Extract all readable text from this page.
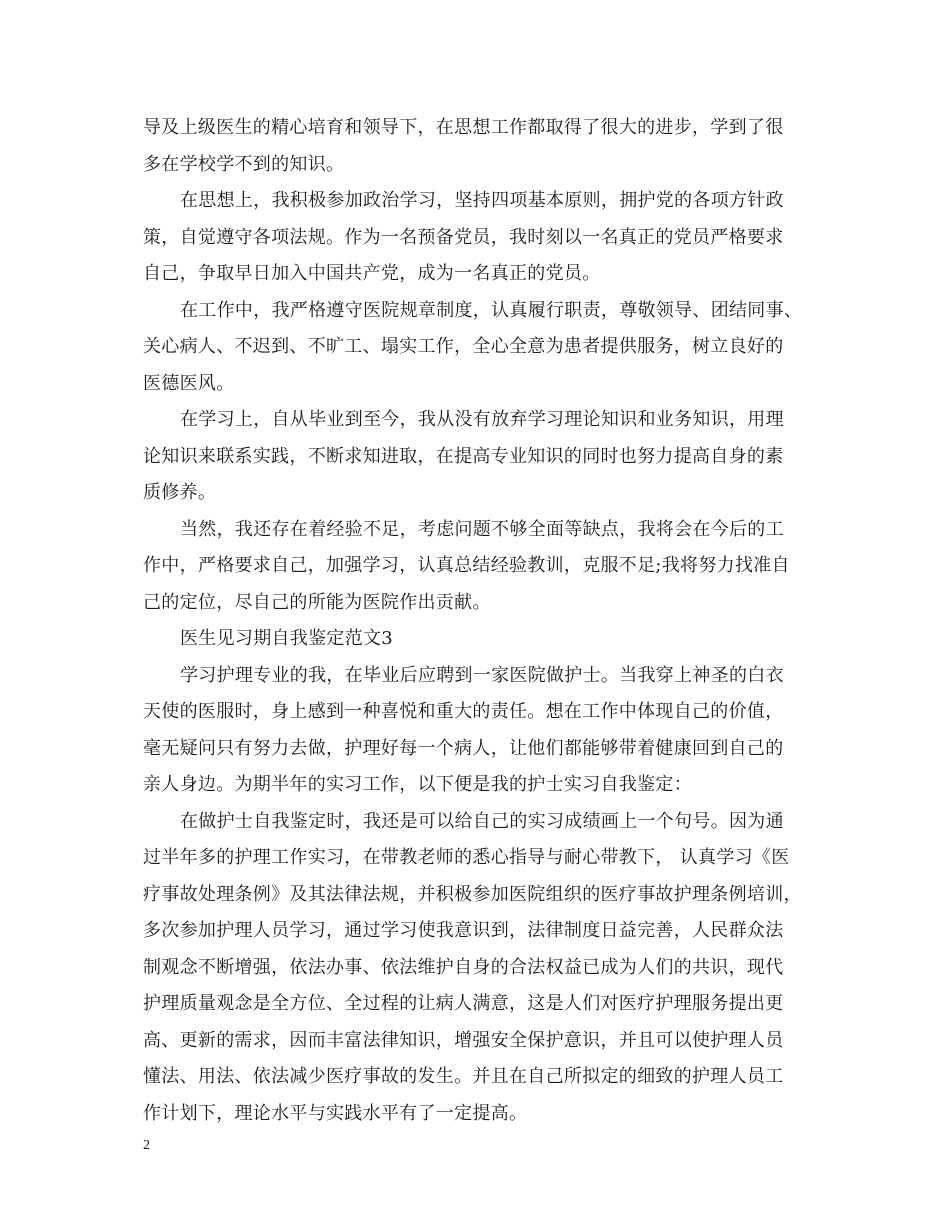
导及上级医生的精心培育和领导下，在思想工作都取得了很大的进步，学到了很
多在学校学不到的知识。
在思想上，我积极参加政治学习，坚持四项基本原则，拥护党的各项方针政
策，自觉遵守各项法规。作为一名预备党员，我时刻以一名真正的党员严格要求
自己，争取早日加入中国共产党，成为一名真正的党员。
在工作中，我严格遵守医院规章制度，认真履行职责，尊敬领导、团结同事、
关心病人、不迟到、不旷工、塌实工作，全心全意为患者提供服务，树立良好的
医德医风。
在学习上，自从毕业到至今，我从没有放弃学习理论知识和业务知识，用理
论知识来联系实践，不断求知进取，在提高专业知识的同时也努力提高自身的素
质修养。
当然，我还存在着经验不足，考虑问题不够全面等缺点，我将会在今后的工
作中，严格要求自己，加强学习，认真总结经验教训，克服不足;我将努力找准自
己的定位，尽自己的所能为医院作出贡献。
医生见习期自我鉴定范文3
学习护理专业的我，在毕业后应聘到一家医院做护士。当我穿上神圣的白衣
天使的医服时，身上感到一种喜悦和重大的责任。想在工作中体现自己的价值，
毫无疑问只有努力去做，护理好每一个病人，让他们都能够带着健康回到自己的
亲人身边。为期半年的实习工作，以下便是我的护士实习自我鉴定：
在做护士自我鉴定时，我还是可以给自己的实习成绩画上一个句号。因为通
过半年多的护理工作实习，在带教老师的悉心指导与耐心带教下， 认真学习《医
疗事故处理条例》及其法律法规，并积极参加医院组织的医疗事故护理条例培训，
多次参加护理人员学习，通过学习使我意识到，法律制度日益完善，人民群众法
制观念不断增强，依法办事、依法维护自身的合法权益已成为人们的共识，现代
护理质量观念是全方位、全过程的让病人满意，这是人们对医疗护理服务提出更
高、更新的需求，因而丰富法律知识，增强安全保护意识，并且可以使护理人员
懂法、用法、依法减少医疗事故的发生。并且在自己所拟定的细致的护理人员工
作计划下，理论水平与实践水平有了一定提高。
2
